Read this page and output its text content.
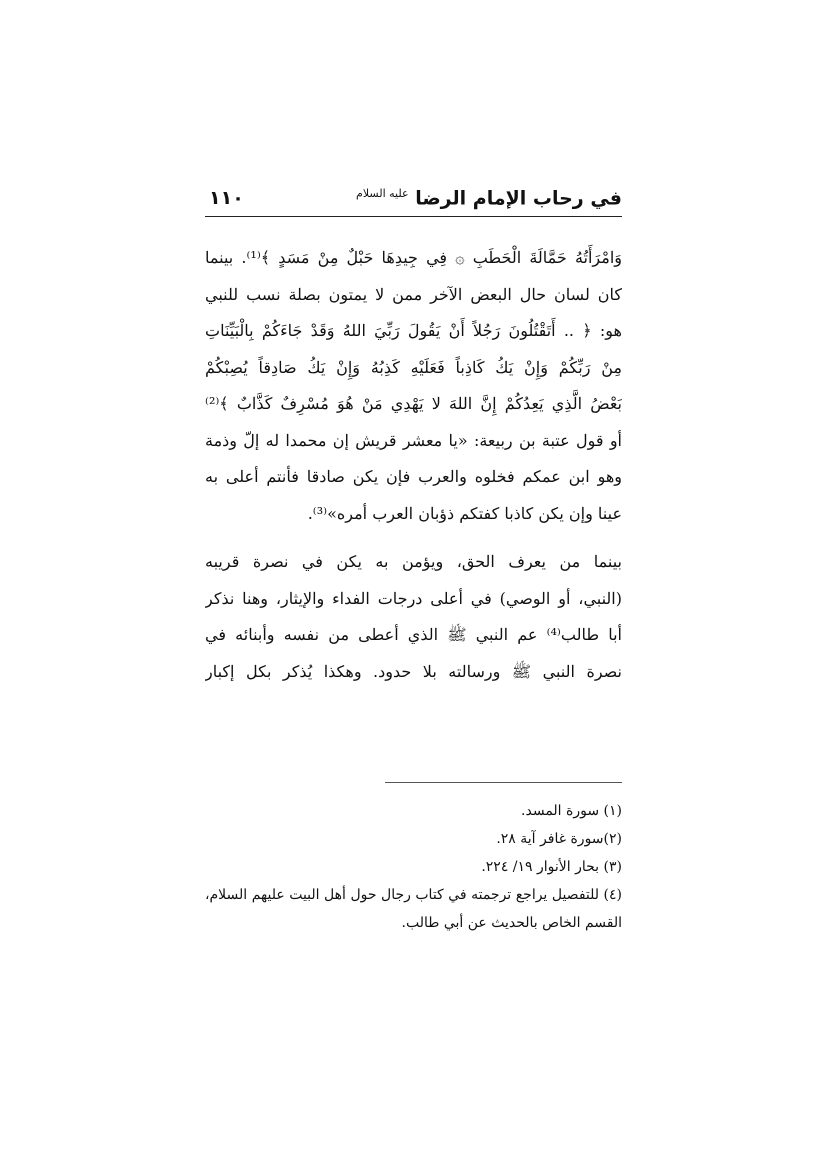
في رحاب الإمام الرضا $^{عليه السلام}$
١١٠
وَامْرَأَتُهُ حَمَّالَةَ الْحَطَبِ ۞ فِي جِيدِهَا حَبْلٌ مِنْ مَسَدٍ ﴾⁽¹⁾. بينما
كان لسان حال البعض الآخر ممن لا يمتون بصلة نسب للنبي
هو: ﴿ .. أَتَقْتُلُونَ رَجُلاً أَنْ يَقُولَ رَبِّيَ اللهُ وَقَدْ جَاءَكُمْ بِالْبَيِّنَاتِ
مِنْ رَبِّكُمْ وَإِنْ يَكُ كَاذِباً فَعَلَيْهِ كَذِبُهُ وَإِنْ يَكُ صَادِقاً يُصِبْكُمْ
بَعْضُ الَّذِي يَعِدُكُمْ إِنَّ اللهَ لا يَهْدِي مَنْ هُوَ مُسْرِفٌ كَذَّابٌ ﴾⁽²⁾
أو قول عتبة بن ربيعة: «يا معشر قريش إن محمدا له إلّ وذمة
وهو ابن عمكم فخلوه والعرب فإن يكن صادقا فأنتم أعلى به
عينا وإن يكن كاذبا كفتكم ذؤبان العرب أمره»⁽³⁾.
بينما من يعرف الحق، ويؤمن به يكن في نصرة قريبه
(النبي، أو الوصي) في أعلى درجات الفداء والإيثار، وهنا نذكر
أبا طالب⁽⁴⁾ عم النبي ﷺ الذي أعطى من نفسه وأبنائه في
نصرة النبي ﷺ ورسالته بلا حدود. وهكذا يُذكر بكل إكبار
(١) سورة المسد.
(٢)سورة غافر آية ٢٨.
(٣) بحار الأنوار ١٩/ ٢٢٤.
(٤) للتفصيل يراجع ترجمته في كتاب رجال حول أهل البيت عليهم السلام،
القسم الخاص بالحديث عن أبي طالب.
